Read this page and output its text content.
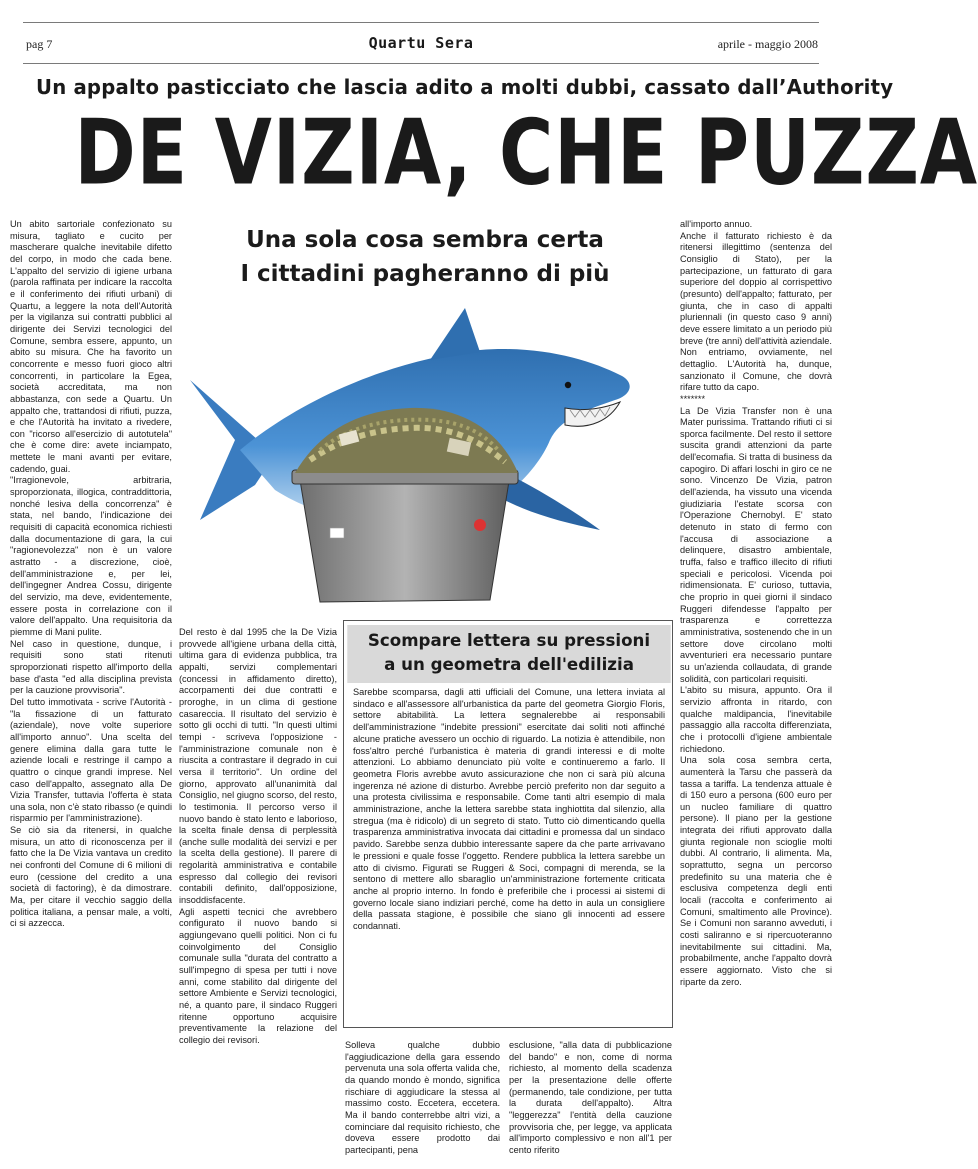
pag 7	Quartu Sera	aprile - maggio 2008
Un appalto pasticciato che lascia adito a molti dubbi, cassato dall’Authority
DE VIZIA, CHE PUZZA
Una sola cosa sembra certa
I cittadini pagheranno di più

Un abito sartoriale confezionato su misura, tagliato e cucito per mascherare qualche inevitabile difetto del corpo, in modo che cada bene. L'appalto del servizio di igiene urbana (parola raffinata per indicare la raccolta e il conferimento dei rifiuti urbani) di Quartu, a leggere la nota dell'Autorità per la vigilanza sui contratti pubblici al dirigente dei Servizi tecnologici del Comune, sembra essere, appunto, un abito su misura. Che ha favorito un concorrente e messo fuori gioco altri concorrenti, in particolare la Egea, società accreditata, ma non abbastanza, con sede a Quartu. Un appalto che, trattandosi di rifiuti, puzza, e che l'Autorità ha invitato a rivedere, con "ricorso all'esercizio di autotutela" che è come dire: avete inciampato, mettete le mani avanti per evitare, cadendo, guai.

"Irragionevole, arbitraria, sproporzionata, illogica, contraddittoria, nonché lesiva della concorrenza" è stata, nel bando, l'indicazione dei requisiti di capacità economica richiesti dalla documentazione di gara, la cui "ragionevolezza" non è un valore astratto - a discrezione, cioè, dell'amministrazione e, per lei, dell'ingegner Andrea Cossu, dirigente del servizio, ma deve, evidentemente, essere posta in correlazione con il valore dell'appalto. Una requisitoria da piemme di Mani pulite.

Nel caso in questione, dunque, i requisiti sono stati ritenuti sproporzionati rispetto all'importo della base d'asta "ed alla disciplina prevista per la cauzione provvisoria".

Del tutto immotivata - scrive l'Autorità - "la fissazione di un fatturato (aziendale), nove volte superiore all'importo annuo". Una scelta del genere elimina dalla gara tutte le aziende locali e restringe il campo a quattro o cinque grandi imprese. Nel caso dell'appalto, assegnato alla De Vizia Transfer, tuttavia l'offerta è stata una sola, non c'è stato ribasso (e quindi risparmio per l'amministrazione).

Se ciò sia da ritenersi, in qualche misura, un atto di riconoscenza per il fatto che la De Vizia vantava un credito nei confronti del Comune di 6 milioni di euro (cessione del credito a una società di factoring), è da dimostrare. Ma, per citare il vecchio saggio della politica italiana, a pensar male, a volti, ci si azzecca.

Del resto è dal 1995 che la De Vizia provvede all'igiene urbana della città, ultima gara di evidenza pubblica, tra appalti, servizi complementari (concessi in affidamento diretto), accorpamenti dei due contratti e proroghe, in un clima di gestione casareccia. Il risultato del servizio è sotto gli occhi di tutti. "In questi ultimi tempi - scriveva l'opposizione - l'amministrazione comunale non è riuscita a contrastare il degrado in cui versa il territorio". Un ordine del giorno, approvato all'unanimità dal Consiglio, nel giugno scorso, del resto, lo testimonia. Il percorso verso il nuovo bando è stato lento e laborioso, la scelta finale densa di perplessità (anche sulle modalità dei servizi e per la scelta della gestione). Il parere di regolarità amministrativa e contabile espresso dal collegio dei revisori contabili definito, dall'opposizione, insoddisfacente.

Agli aspetti tecnici che avrebbero configurato il nuovo bando si aggiungevano quelli politici. Non ci fu coinvolgimento del Consiglio comunale sulla "durata del contratto a sull'impegno di spesa per tutti i nove anni, come stabilito dal dirigente del settore Ambiente e Servizi tecnologici, né, a quanto pare, il sindaco Ruggeri ritenne opportuno acquisire preventivamente la relazione del collegio dei revisori.

Scompare lettera su pressioni
a un geometra dell'edilizia
Sarebbe scomparsa, dagli atti ufficiali del Comune, una lettera inviata al sindaco e all'assessore all'urbanistica da parte del geometra Giorgio Floris, settore abitabilità. La lettera segnalerebbe ai responsabili dell'amministrazione "indebite pressioni" esercitate dai soliti noti affinché alcune pratiche avessero un occhio di riguardo. La notizia è attendibile, non foss'altro perché l'urbanistica è materia di grandi interessi e di molte attenzioni. Lo abbiamo denunciato più volte e continueremo a farlo. Il geometra Floris avrebbe avuto assicurazione che non ci sarà più alcuna ingerenza né azione di disturbo. Avrebbe perciò preferito non dar seguito a una protesta civilissima e responsabile. Come tanti altri esempio di mala amministrazione, anche la lettera sarebbe stata inghiottita dal silenzio, alla stregua (ma è ridicolo) di un segreto di stato. Tutto ciò dimenticando quella trasparenza amministrativa invocata dai cittadini e promessa dal un sindaco pavido. Sarebbe senza dubbio interessante sapere da che parte arrivavano le pressioni e quale fosse l'oggetto. Rendere pubblica la lettera sarebbe un atto di civismo. Figurati se Ruggeri & Soci, compagni di merenda, se la sentono di mettere allo sbaraglio un'amministrazione fortemente criticata anche al proprio interno. In fondo è preferibile che i processi ai sistemi di governo locale siano indiziari perché, come ha detto in aula un consigliere della passata stagione, è possibile che siano gli innocenti ad essere condannati.
Solleva qualche dubbio l'aggiudicazione della gara essendo pervenuta una sola offerta valida che, da quando mondo è mondo, significa rischiare di aggiudicare la stessa al massimo costo. Eccetera, eccetera. Ma il bando conterrebbe altri vizi, a cominciare dal requisito richiesto, che doveva essere prodotto dai partecipanti, pena
esclusione, "alla data di pubblicazione del bando" e non, come di norma richiesto, al momento della scadenza per la presentazione delle offerte (permanendo, tale condizione, per tutta la durata dell'appalto). Altra "leggerezza" l'entità della cauzione provvisoria che, per legge, va applicata all'importo complessivo e non all'1 per cento riferito

all'importo annuo.

Anche il fatturato richiesto è da ritenersi illegittimo (sentenza del Consiglio di Stato), per la partecipazione, un fatturato di gara superiore del doppio al corrispettivo (presunto) dell'appalto; fatturato, per giunta, che in caso di appalti pluriennali (in questo caso 9 anni) deve essere limitato a un periodo più breve (tre anni) dell'attività aziendale.

Non entriamo, ovviamente, nel dettaglio. L'Autorità ha, dunque, sanzionato il Comune, che dovrà rifare tutto da capo.

*******

La De Vizia Transfer non è una Mater purissima. Trattando rifiuti ci si sporca facilmente. Del resto il settore suscita grandi attenzioni da parte dell'ecomafia. Si tratta di business da capogiro. Di affari loschi in giro ce ne sono. Vincenzo De Vizia, patron dell'azienda, ha vissuto una vicenda giudiziaria l'estate scorsa con l'Operazione Chernobyl. E' stato detenuto in stato di fermo con l'accusa di associazione a delinquere, disastro ambientale, truffa, falso e traffico illecito di rifiuti speciali e pericolosi. Vicenda poi ridimensionata. E' curioso, tuttavia, che proprio in quei giorni il sindaco Ruggeri difendesse l'appalto per trasparenza e correttezza amministrativa, sostenendo che in un settore dove circolano molti avventurieri era necessario puntare su un'azienda collaudata, di grande solidità, con particolari requisiti.

L'abito su misura, appunto. Ora il servizio affronta in ritardo, con qualche maldipancia, l'inevitabile passaggio alla raccolta differenziata, che i protocolli d'igiene ambientale richiedono.

Una sola cosa sembra certa, aumenterà la Tarsu che passerà da tassa a tariffa. La tendenza attuale è di 150 euro a persona (600 euro per un nucleo familiare di quattro persone). Il piano per la gestione integrata dei rifiuti approvato dalla giunta regionale non scioglie molti dubbi. Al contrario, li alimenta. Ma, soprattutto, segna un percorso predefinito su una materia che è esclusiva competenza degli enti locali (raccolta e conferimento ai Comuni, smaltimento alle Province). Se i Comuni non saranno avveduti, i costi saliranno e si ripercuoteranno inevitabilmente sui cittadini. Ma, probabilmente, anche l'appalto dovrà essere aggiornato. Visto che si riparte da zero.
